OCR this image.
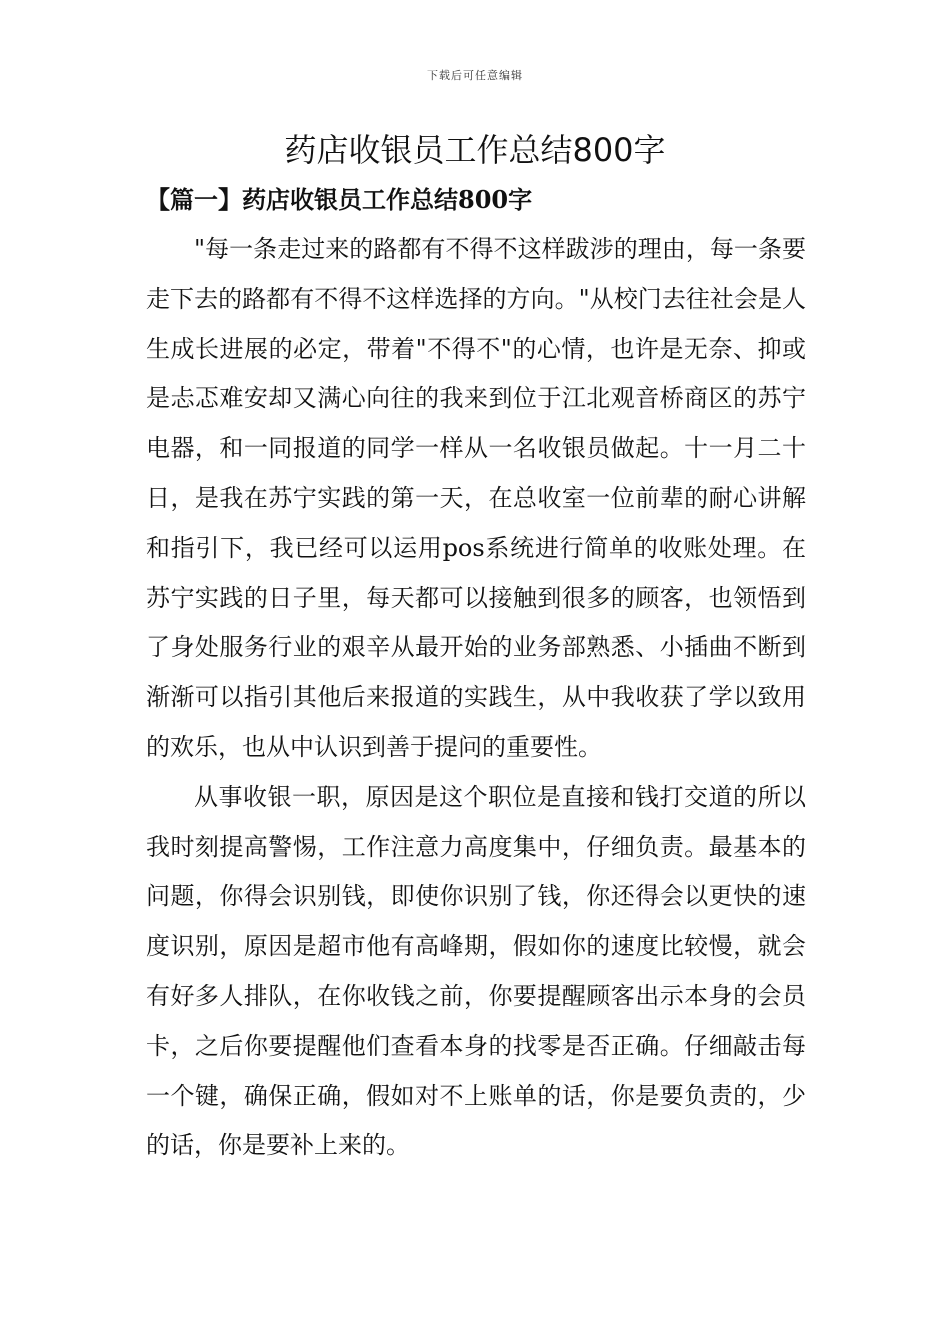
下载后可任意编辑
药店收银员工作总结800字
【篇一】药店收银员工作总结800字

"每一条走过来的路都有不得不这样跋涉的理由，每一条要走下去的路都有不得不这样选择的方向。"从校门去往社会是人生成长进展的必定，带着"不得不"的心情，也许是无奈、抑或是忐忑难安却又满心向往的我来到位于江北观音桥商区的苏宁电器，和一同报道的同学一样从一名收银员做起。十一月二十日，是我在苏宁实践的第一天，在总收室一位前辈的耐心讲解和指引下，我已经可以运用pos系统进行简单的收账处理。在苏宁实践的日子里，每天都可以接触到很多的顾客，也领悟到了身处服务行业的艰辛从最开始的业务部熟悉、小插曲不断到渐渐可以指引其他后来报道的实践生，从中我收获了学以致用的欢乐，也从中认识到善于提问的重要性。

从事收银一职，原因是这个职位是直接和钱打交道的所以我时刻提高警惕，工作注意力高度集中，仔细负责。最基本的问题，你得会识别钱，即使你识别了钱，你还得会以更快的速度识别，原因是超市他有高峰期，假如你的速度比较慢，就会有好多人排队，在你收钱之前，你要提醒顾客出示本身的会员卡，之后你要提醒他们查看本身的找零是否正确。仔细敲击每一个键，确保正确，假如对不上账单的话，你是要负责的，少的话，你是要补上来的。
